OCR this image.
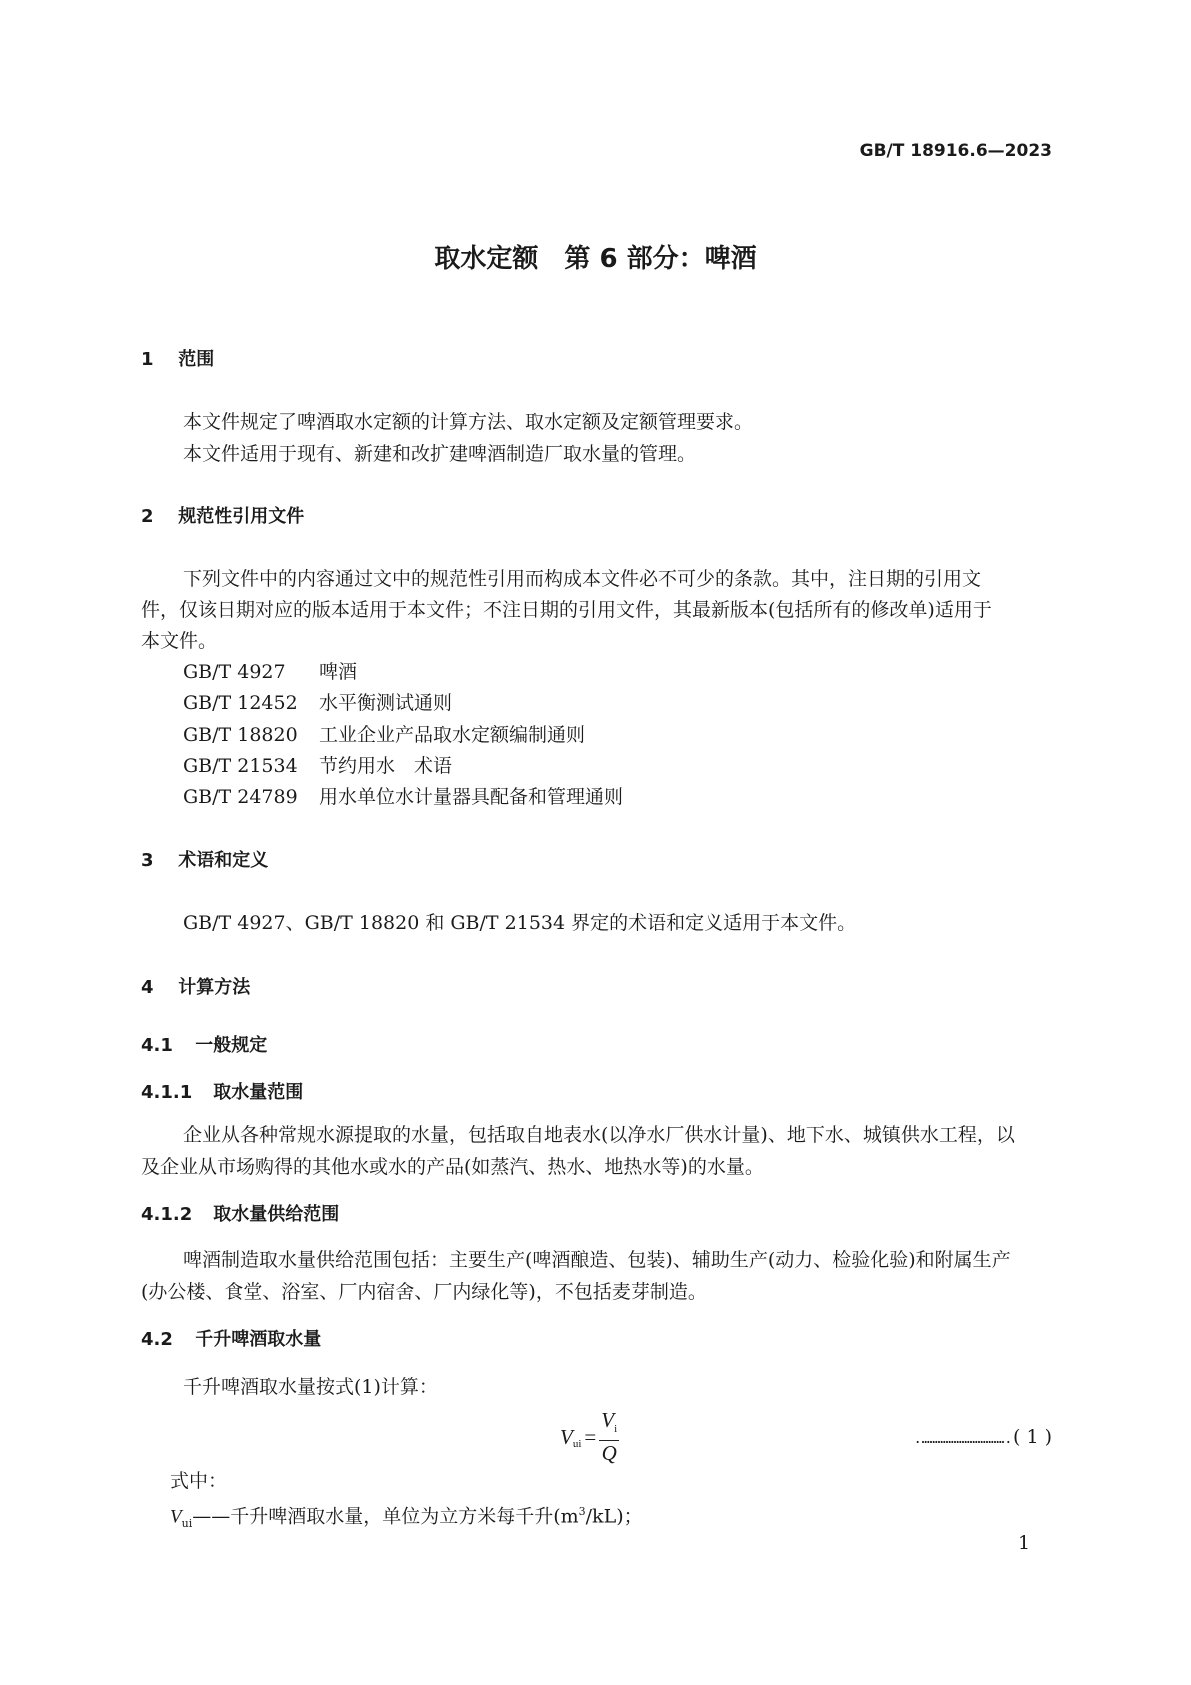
GB/T 18916.6—2023
取水定额　第 6 部分：啤酒
1 范围
本文件规定了啤酒取水定额的计算方法、取水定额及定额管理要求。
本文件适用于现有、新建和改扩建啤酒制造厂取水量的管理。
2 规范性引用文件
下列文件中的内容通过文中的规范性引用而构成本文件必不可少的条款。其中，注日期的引用文
件，仅该日期对应的版本适用于本文件；不注日期的引用文件，其最新版本(包括所有的修改单)适用于
本文件。
GB/T 4927 啤酒
GB/T 12452 水平衡测试通则
GB/T 18820 工业企业产品取水定额编制通则
GB/T 21534 节约用水　术语
GB/T 24789 用水单位水计量器具配备和管理通则
3 术语和定义
GB/T 4927、GB/T 18820 和 GB/T 21534 界定的术语和定义适用于本文件。
4 计算方法
4.1 一般规定
4.1.1 取水量范围
企业从各种常规水源提取的水量，包括取自地表水(以净水厂供水计量)、地下水、城镇供水工程，以
及企业从市场购得的其他水或水的产品(如蒸汽、热水、地热水等)的水量。
4.1.2 取水量供给范围
啤酒制造取水量供给范围包括：主要生产(啤酒酿造、包装)、辅助生产(动力、检验化验)和附属生产
(办公楼、食堂、浴室、厂内宿舍、厂内绿化等)，不包括麦芽制造。
4.2 千升啤酒取水量
千升啤酒取水量按式(1)计算：
$V_{ui} = \frac{V_i}{Q}$	…………………………… ( 1 )
式中：
$V_{ui}——$千升啤酒取水量，单位为立方米每千升$(m^3/kL)$；
1
